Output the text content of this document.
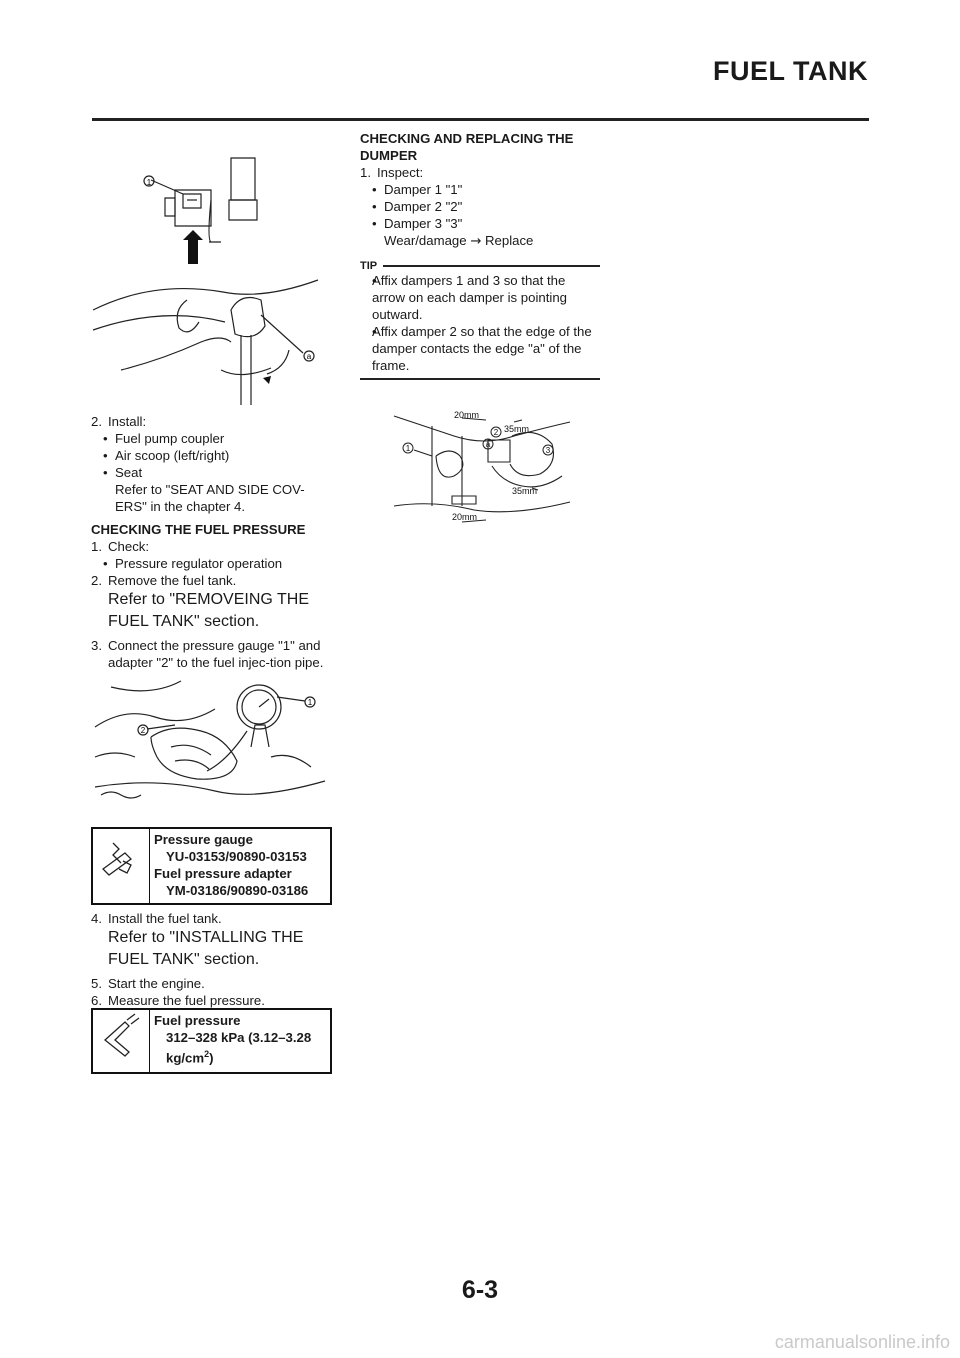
FUEL TANK
1
a
2. Install:
• Fuel pump coupler
• Air scoop (left/right)
• Seat
Refer to "SEAT AND SIDE COV-ERS" in the chapter 4.
CHECKING THE FUEL PRESSURE
1. Check:
• Pressure regulator operation
2. Remove the fuel tank.
Refer to "REMOVEING THE FUEL TANK" section.
3. Connect the pressure gauge "1" and adapter "2" to the fuel injec-tion pipe.
1
2
Pressure gauge
YU-03153/90890-03153
Fuel pressure adapter
YM-03186/90890-03186
4. Install the fuel tank.
Refer to "INSTALLING THE FUEL TANK" section.
5. Start the engine.
6. Measure the fuel pressure.
Fuel pressure
312–328 kPa (3.12–3.28 $kg/cm^2$)
CHECKING AND REPLACING THE DUMPER
1. Inspect:
• Damper 1 "1"
• Damper 2 "2"
• Damper 3 "3"
Wear/damage → Replace
TIP
• Affix dampers 1 and 3 so that the arrow on each damper is pointing outward.
• Affix damper 2 so that the edge of the damper contacts the edge "a" of the frame.
20mm
35mm
35mm
20mm
1
2
3
a
6-3
carmanualsonline.info
